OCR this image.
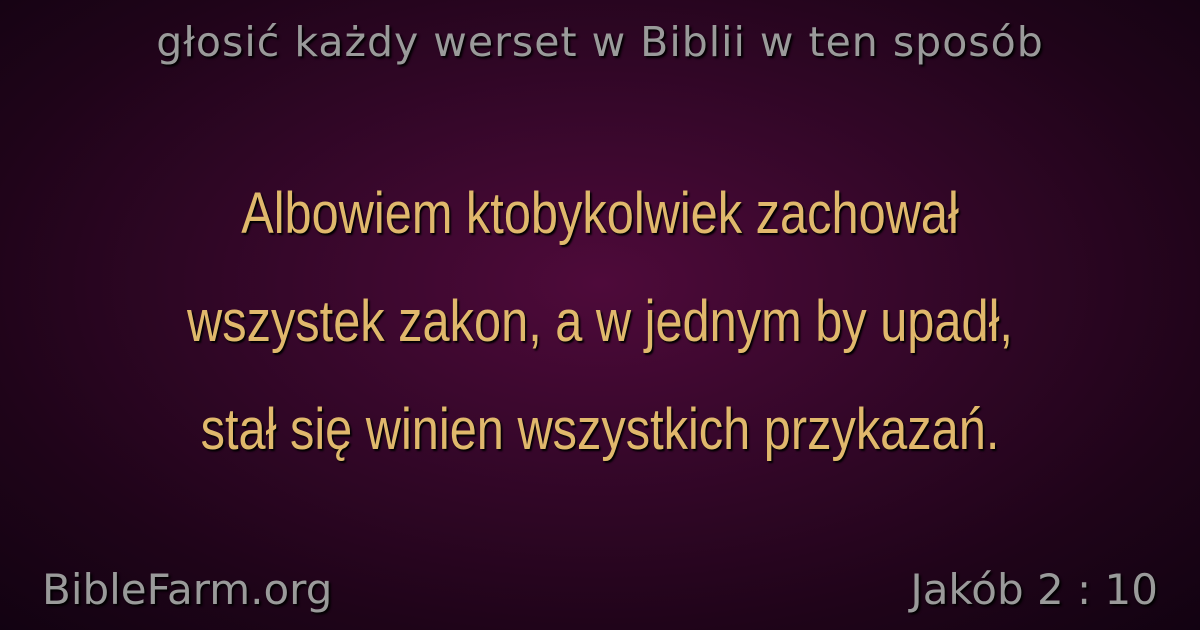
głosić każdy werset w Biblii w ten sposób
Albowiem ktobykolwiek zachował
wszystek zakon, a w jednym by upadł,
stał się winien wszystkich przykazań.
BibleFarm.org	Jakób 2 : 10
